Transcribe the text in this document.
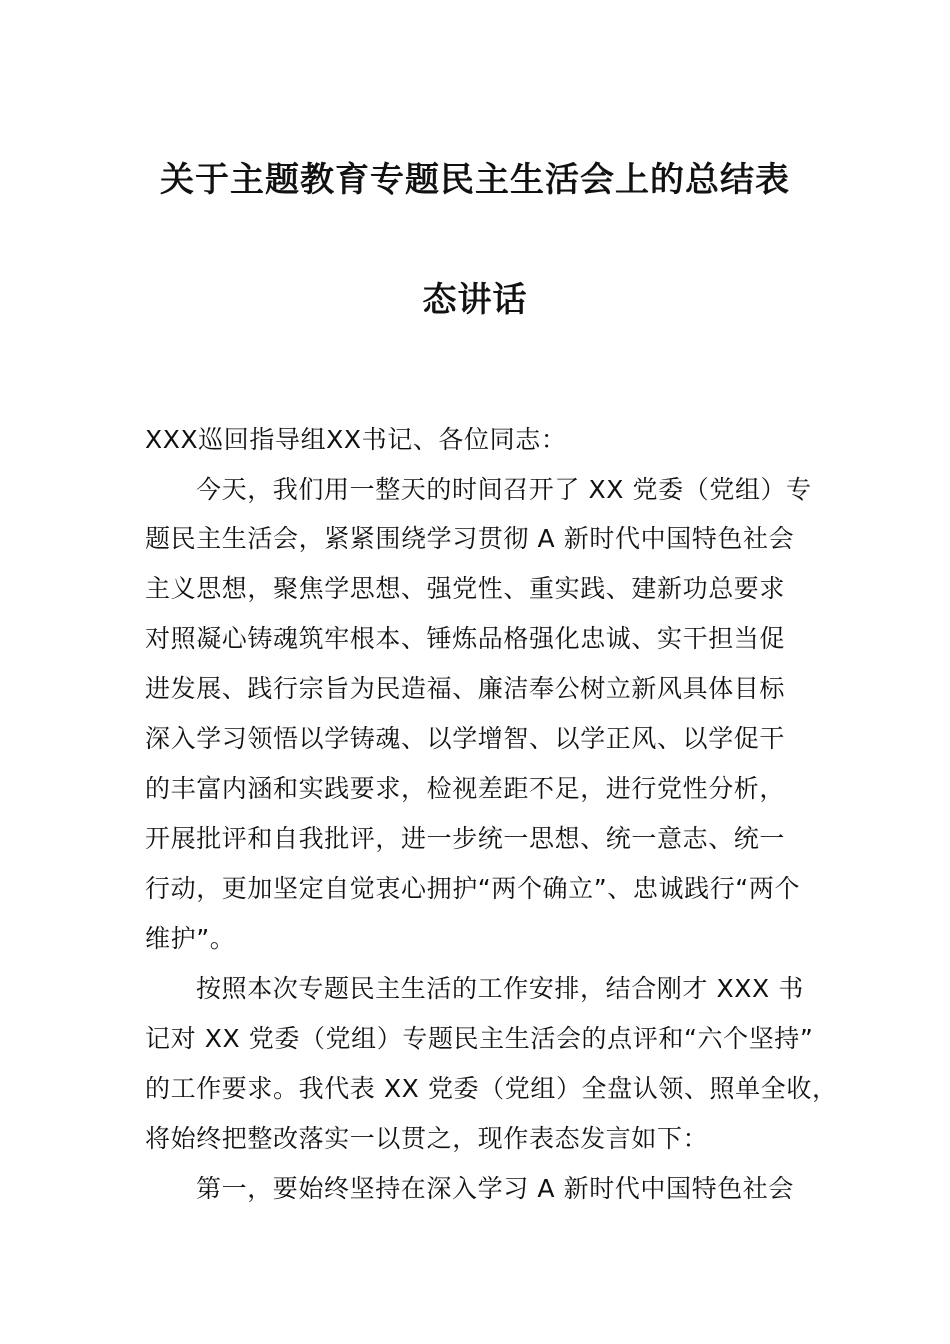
关于主题教育专题民主生活会上的总结表
态讲话
XXX巡回指导组XX书记、各位同志：
今天，我们用一整天的时间召开了 XX 党委（党组）专
题民主生活会，紧紧围绕学习贯彻 A 新时代中国特色社会
主义思想，聚焦学思想、强党性、重实践、建新功总要求
对照凝心铸魂筑牢根本、锤炼品格强化忠诚、实干担当促
进发展、践行宗旨为民造福、廉洁奉公树立新风具体目标
深入学习领悟以学铸魂、以学增智、以学正风、以学促干
的丰富内涵和实践要求，检视差距不足，进行党性分析，
开展批评和自我批评，进一步统一思想、统一意志、统一
行动，更加坚定自觉衷心拥护“两个确立”、忠诚践行“两个
维护”。
按照本次专题民主生活的工作安排，结合刚才 XXX 书
记对 XX 党委（党组）专题民主生活会的点评和“六个坚持”
的工作要求。我代表 XX 党委（党组）全盘认领、照单全收，
将始终把整改落实一以贯之，现作表态发言如下：
第一，要始终坚持在深入学习 A 新时代中国特色社会
